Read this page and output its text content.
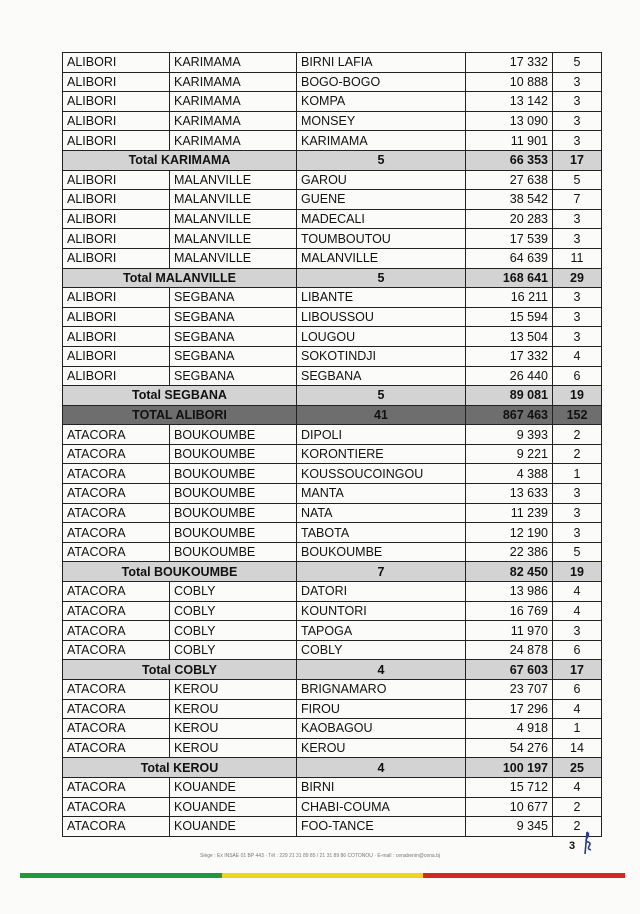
ALIBORI	KARIMAMA	BIRNI LAFIA	17 332	5
ALIBORI	KARIMAMA	BOGO-BOGO	10 888	3
ALIBORI	KARIMAMA	KOMPA	13 142	3
ALIBORI	KARIMAMA	MONSEY	13 090	3
ALIBORI	KARIMAMA	KARIMAMA	11 901	3
Total KARIMAMA		5	66 353	17
ALIBORI	MALANVILLE	GAROU	27 638	5
ALIBORI	MALANVILLE	GUENE	38 542	7
ALIBORI	MALANVILLE	MADECALI	20 283	3
ALIBORI	MALANVILLE	TOUMBOUTOU	17 539	3
ALIBORI	MALANVILLE	MALANVILLE	64 639	11
Total MALANVILLE		5	168 641	29
ALIBORI	SEGBANA	LIBANTE	16 211	3
ALIBORI	SEGBANA	LIBOUSSOU	15 594	3
ALIBORI	SEGBANA	LOUGOU	13 504	3
ALIBORI	SEGBANA	SOKOTINDJI	17 332	4
ALIBORI	SEGBANA	SEGBANA	26 440	6
Total SEGBANA		5	89 081	19
TOTAL ALIBORI		41	867 463	152
ATACORA	BOUKOUMBE	DIPOLI	9 393	2
ATACORA	BOUKOUMBE	KORONTIERE	9 221	2
ATACORA	BOUKOUMBE	KOUSSOUCOINGOU	4 388	1
ATACORA	BOUKOUMBE	MANTA	13 633	3
ATACORA	BOUKOUMBE	NATA	11 239	3
ATACORA	BOUKOUMBE	TABOTA	12 190	3
ATACORA	BOUKOUMBE	BOUKOUMBE	22 386	5
Total BOUKOUMBE		7	82 450	19
ATACORA	COBLY	DATORI	13 986	4
ATACORA	COBLY	KOUNTORI	16 769	4
ATACORA	COBLY	TAPOGA	11 970	3
ATACORA	COBLY	COBLY	24 878	6
Total COBLY		4	67 603	17
ATACORA	KEROU	BRIGNAMARO	23 707	6
ATACORA	KEROU	FIROU	17 296	4
ATACORA	KEROU	KAOBAGOU	4 918	1
ATACORA	KEROU	KEROU	54 276	14
Total KEROU		4	100 197	25
ATACORA	KOUANDE	BIRNI	15 712	4
ATACORA	KOUANDE	CHABI-COUMA	10 677	2
ATACORA	KOUANDE	FOO-TANCE	9 345	2
3
Siège : Ex INSAE 01 BP 443 · Tél : 229 21 31 89 85 / 21 31 89 86 COTONOU · E-mail : cenabenin@cena.bj
